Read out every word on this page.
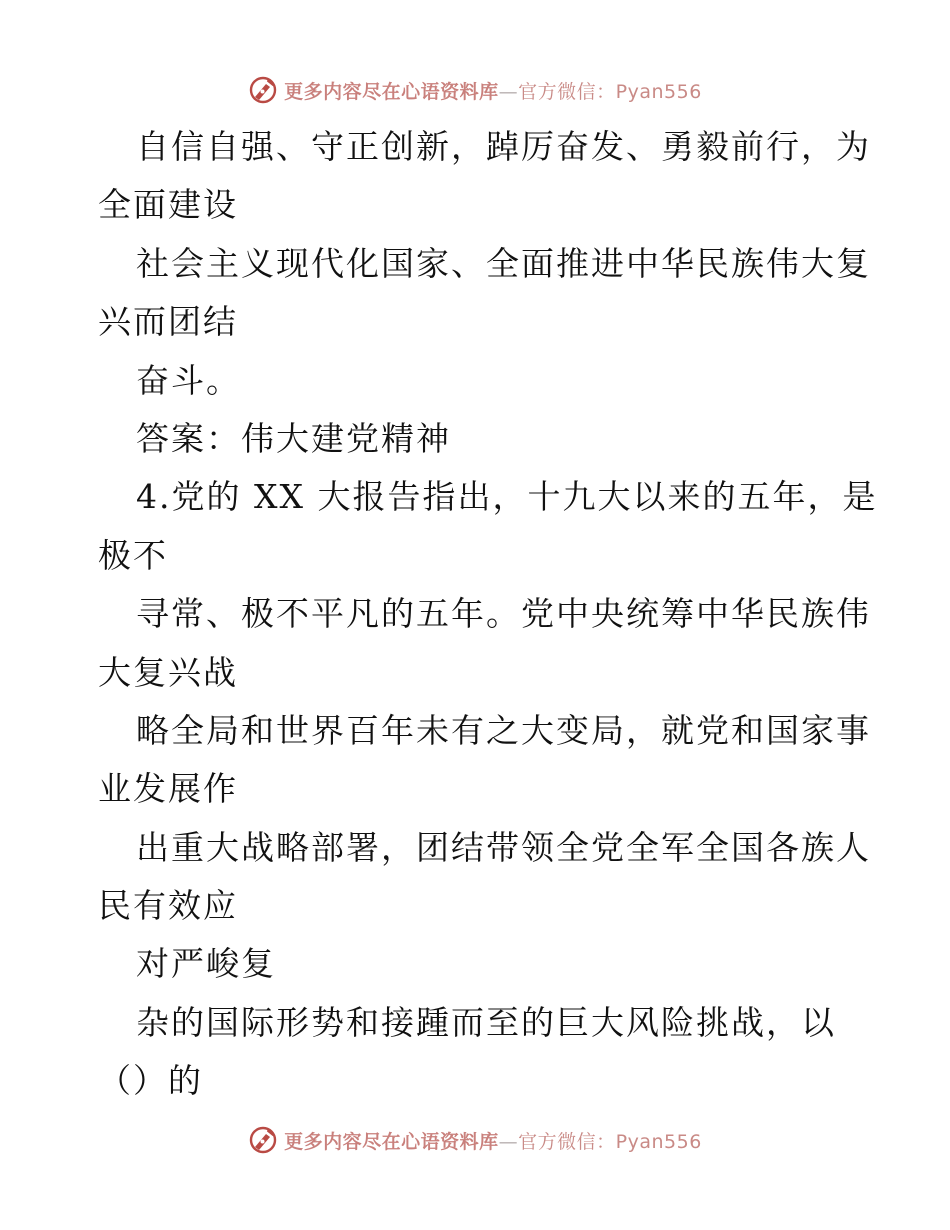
更多内容尽在心语资料库—官方微信：Pyan556
自信自强、守正创新，踔厉奋发、勇毅前行，为
全面建设
社会主义现代化国家、全面推进中华民族伟大复
兴而团结
奋斗。
答案：伟大建党精神
4.党的 XX 大报告指出，十九大以来的五年，是
极不
寻常、极不平凡的五年。党中央统筹中华民族伟
大复兴战
略全局和世界百年未有之大变局，就党和国家事
业发展作
出重大战略部署，团结带领全党全军全国各族人
民有效应
对严峻复
杂的国际形势和接踵而至的巨大风险挑战，以
（）的
更多内容尽在心语资料库—官方微信：Pyan556
